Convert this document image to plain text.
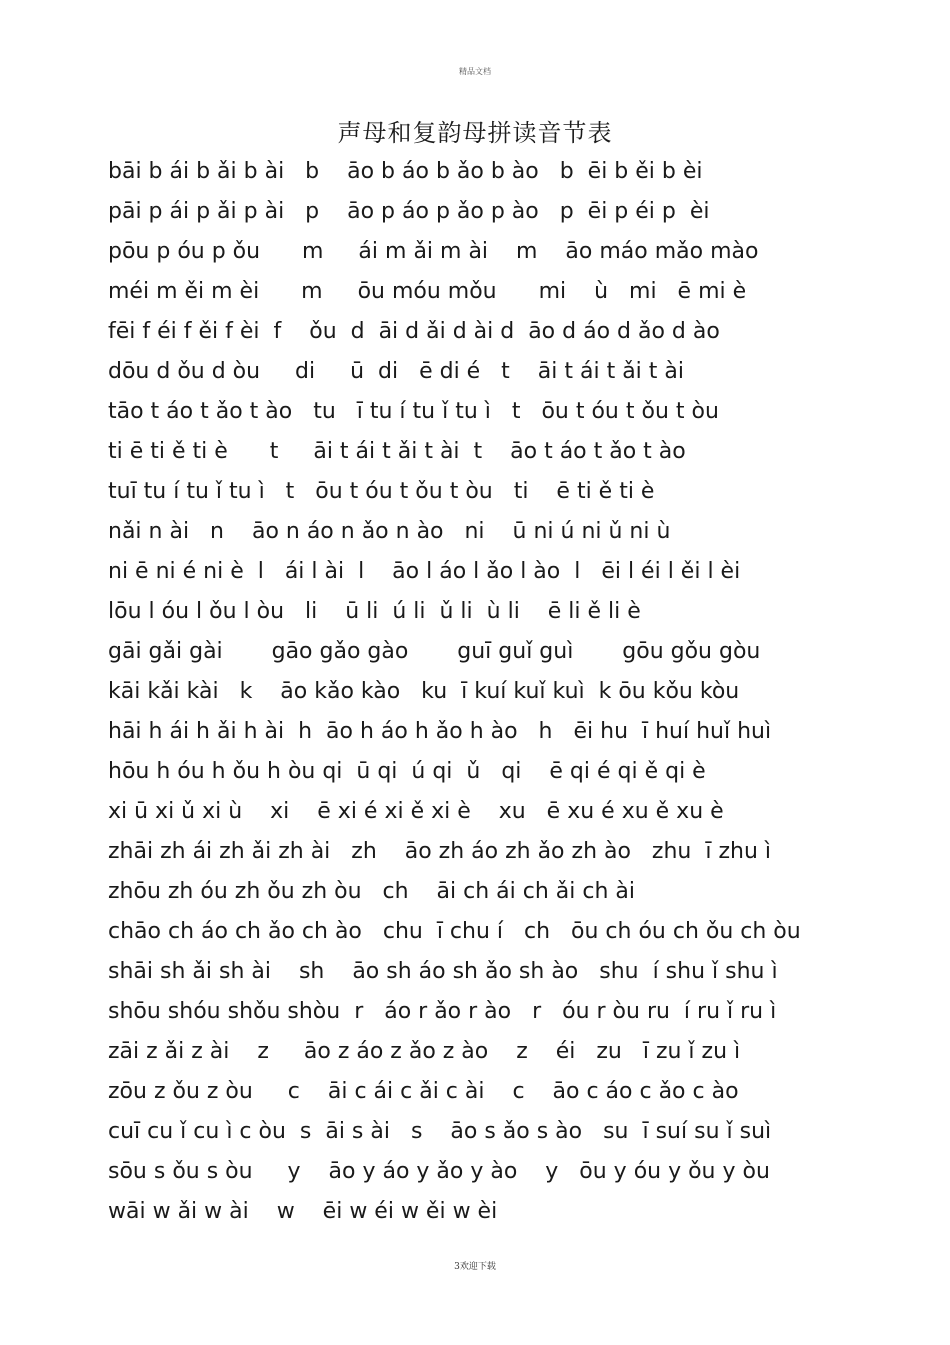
精品文档
声母和复韵母拼读音节表
bāi b ái b ǎi b ài   b    āo b áo b ǎo b ào   b  ēi b ěi b èi
pāi p ái p ǎi p ài   p    āo p áo p ǎo p ào   p  ēi p éi p  èi
pōu p óu p ǒu      m     ái m ǎi m ài    m    āo máo mǎo mào
méi m ěi m èi      m     ōu móu mǒu      mi    ù   mi   ē mi è
fēi f éi f ěi f èi  f    ǒu  d  āi d ǎi d ài d  āo d áo d ǎo d ào
dōu d ǒu d òu     di     ū  di   ē di é   t    āi t ái t ǎi t ài
tāo t áo t ǎo t ào   tu   ī tu í tu ǐ tu ì   t   ōu t óu t ǒu t òu
ti ē ti ě ti è      t     āi t ái t ǎi t ài  t    āo t áo t ǎo t ào
tuī tu í tu ǐ tu ì   t   ōu t óu t ǒu t òu   ti    ē ti ě ti è
nǎi n ài   n    āo n áo n ǎo n ào   ni    ū ni ú ni ǔ ni ù
ni ē ni é ni è  l   ái l ài  l    āo l áo l ǎo l ào  l   ēi l éi l ěi l èi
lōu l óu l ǒu l òu   li    ū li  ú li  ǔ li  ù li    ē li ě li è
gāi gǎi gài       gāo gǎo gào       guī guǐ guì       gōu gǒu gòu
kāi kǎi kài   k    āo kǎo kào   ku  ī kuí kuǐ kuì  k ōu kǒu kòu
hāi h ái h ǎi h ài  h  āo h áo h ǎo h ào   h   ēi hu  ī huí huǐ huì
hōu h óu h ǒu h òu qi  ū qi  ú qi  ǔ   qi    ē qi é qi ě qi è
xi ū xi ǔ xi ù    xi    ē xi é xi ě xi è    xu   ē xu é xu ě xu è
zhāi zh ái zh ǎi zh ài   zh    āo zh áo zh ǎo zh ào   zhu  ī zhu ì
zhōu zh óu zh ǒu zh òu   ch    āi ch ái ch ǎi ch ài
chāo ch áo ch ǎo ch ào   chu  ī chu í   ch   ōu ch óu ch ǒu ch òu
shāi sh ǎi sh ài    sh    āo sh áo sh ǎo sh ào   shu  í shu ǐ shu ì
shōu shóu shǒu shòu  r   áo r ǎo r ào   r   óu r òu ru  í ru ǐ ru ì
zāi z ǎi z ài    z     āo z áo z ǎo z ào    z    éi   zu   ī zu ǐ zu ì
zōu z ǒu z òu     c    āi c ái c ǎi c ài    c    āo c áo c ǎo c ào
cuī cu ǐ cu ì c òu  s  āi s ài   s    āo s ǎo s ào   su  ī suí su ǐ suì
sōu s ǒu s òu     y    āo y áo y ǎo y ào    y   ōu y óu y ǒu y òu
wāi w ǎi w ài    w    ēi w éi w ěi w èi
3欢迎下载
